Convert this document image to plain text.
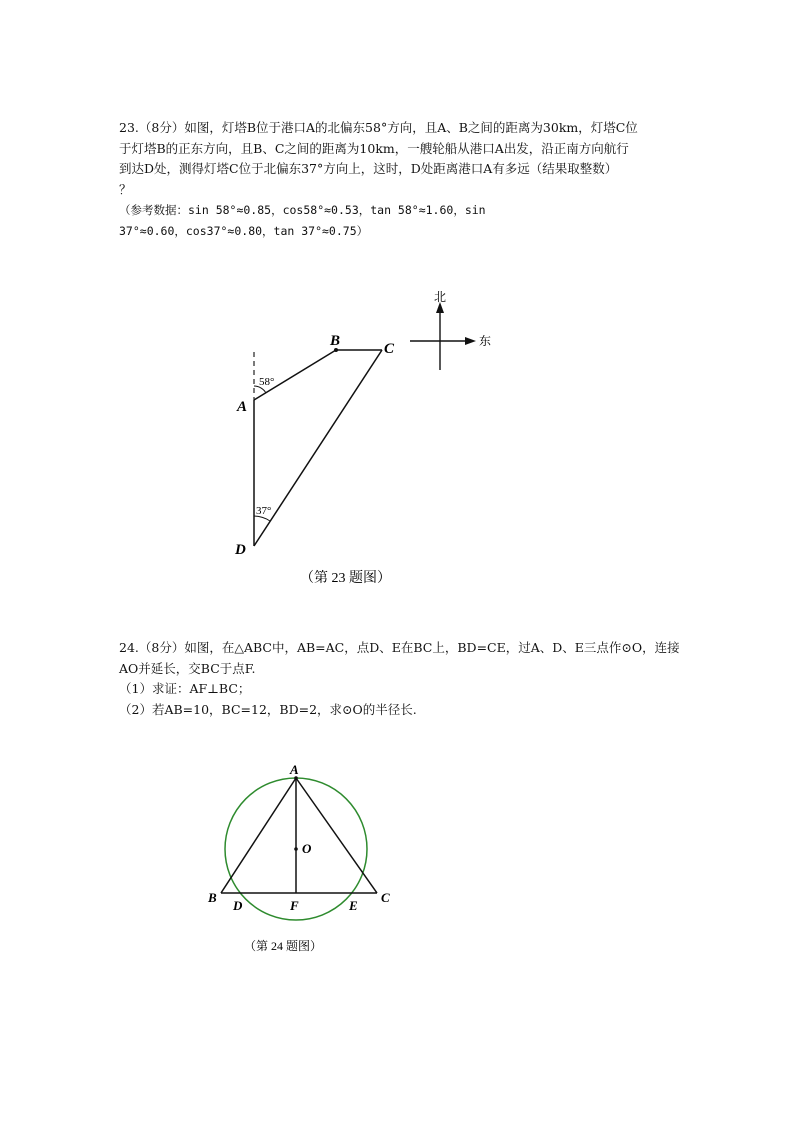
23.（8分）如图，灯塔B位于港口A的北偏东58°方向，且A、B之间的距离为30km，灯塔C位
于灯塔B的正东方向，且B、C之间的距离为10km，一艘轮船从港口A出发，沿正南方向航行
到达D处，测得灯塔C位于北偏东37°方向上，这时，D处距离港口A有多远（结果取整数）
？
（参考数据：sin 58°≈0.85，cos58°≈0.53，tan 58°≈1.60，sin
37°≈0.60，cos37°≈0.80，tan 37°≈0.75）
24.（8分）如图，在△ABC中，AB=AC，点D、E在BC上，BD=CE，过A、D、E三点作⊙O，连接
AO并延长，交BC于点F.
（1）求证：AF⊥BC；
（2）若AB=10，BC=12，BD=2，求⊙O的半径长.
58°
37°
A
B	C
D
北
东
（第 23 题图）
A
O
B
D	F	E
C
（第 24 题图）
